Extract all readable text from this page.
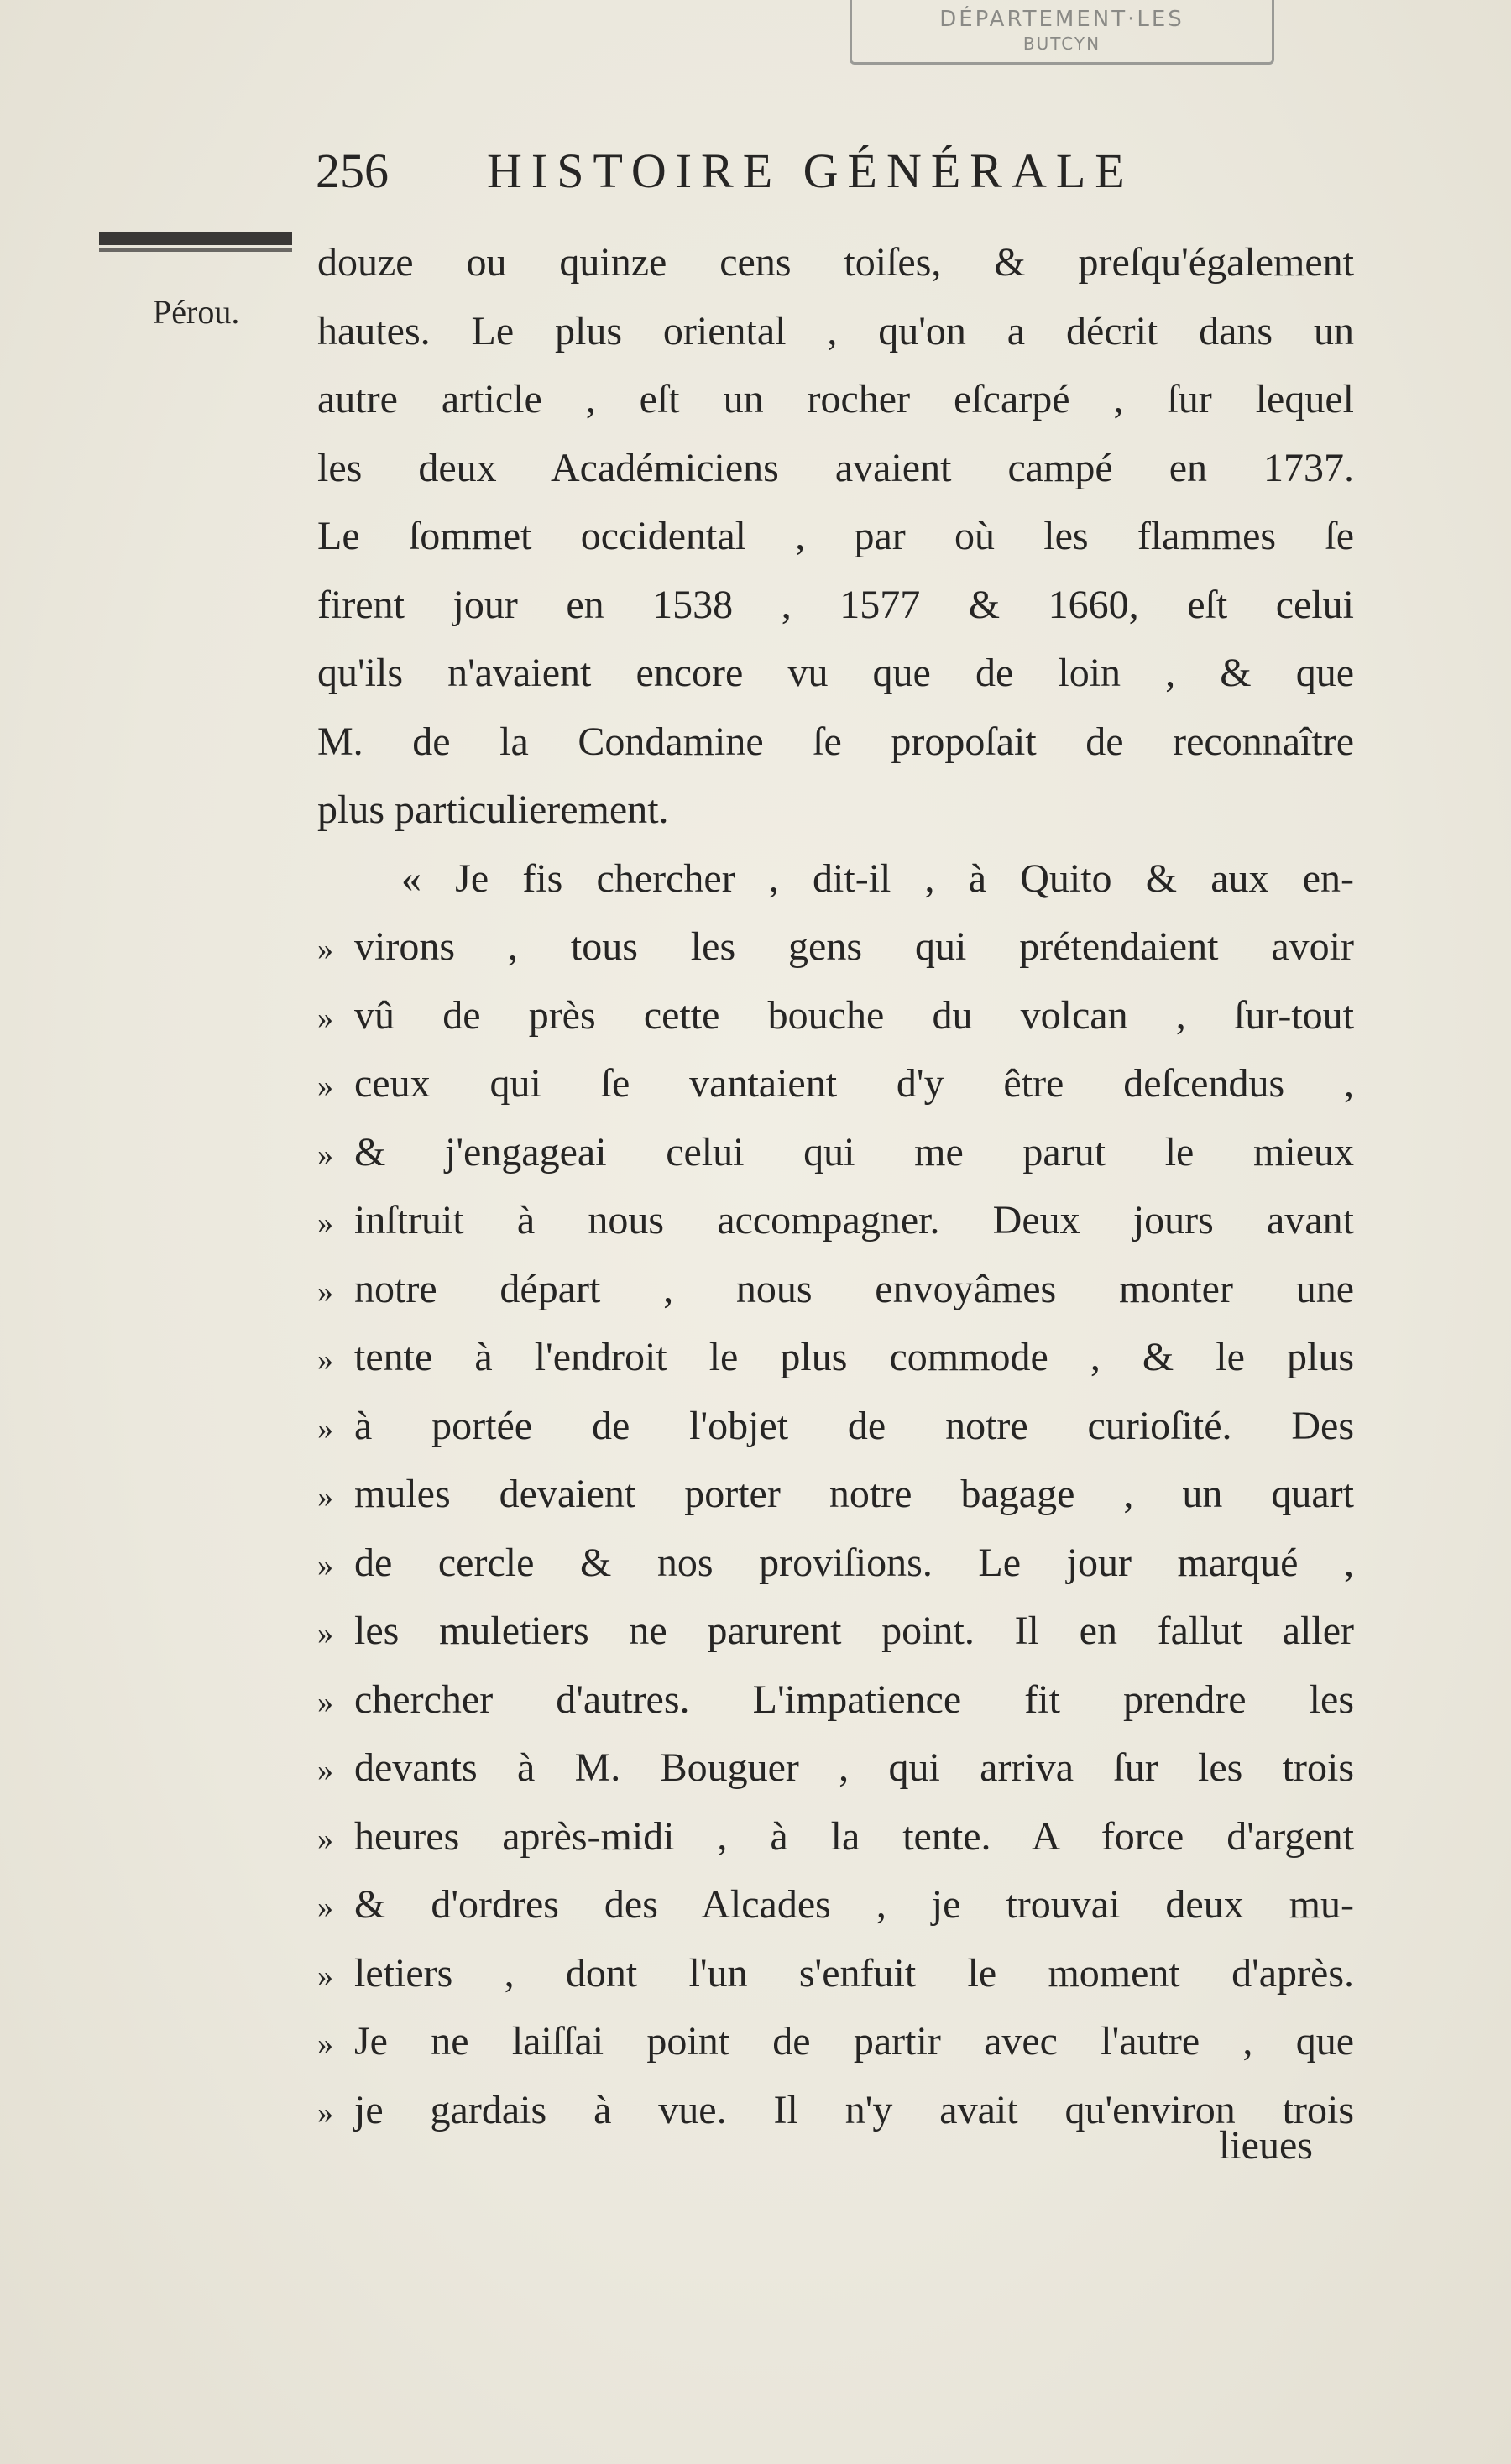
DÉPARTEMENT·LES
BUTCYN
256 HISTOIRE GÉNÉRALE
Pérou.
douze ou quinze cens toiſes, & preſqu'également
hautes. Le plus oriental , qu'on a décrit dans un
autre article , eſt un rocher eſcarpé , ſur lequel
les deux Académiciens avaient campé en 1737.
Le ſommet occidental , par où les flammes ſe
firent jour en 1538 , 1577 & 1660, eſt celui
qu'ils n'avaient encore vu que de loin , & que
M. de la Condamine ſe propoſait de reconnaître
plus particulierement.
« Je fis chercher , dit-il , à Quito & aux en-
» virons , tous les gens qui prétendaient avoir
» vû de près cette bouche du volcan , ſur-tout
» ceux qui ſe vantaient d'y être deſcendus ,
» & j'engageai celui qui me parut le mieux
» inſtruit à nous accompagner. Deux jours avant
» notre départ , nous envoyâmes monter une
» tente à l'endroit le plus commode , & le plus
» à portée de l'objet de notre curioſité. Des
» mules devaient porter notre bagage , un quart
» de cercle & nos proviſions. Le jour marqué ,
» les muletiers ne parurent point. Il en fallut aller
» chercher d'autres. L'impatience fit prendre les
» devants à M. Bouguer , qui arriva ſur les trois
» heures après-midi , à la tente. A force d'argent
» & d'ordres des Alcades , je trouvai deux mu-
» letiers , dont l'un s'enfuit le moment d'après.
» Je ne laiſſai point de partir avec l'autre , que
» je gardais à vue. Il n'y avait qu'environ trois
lieues
